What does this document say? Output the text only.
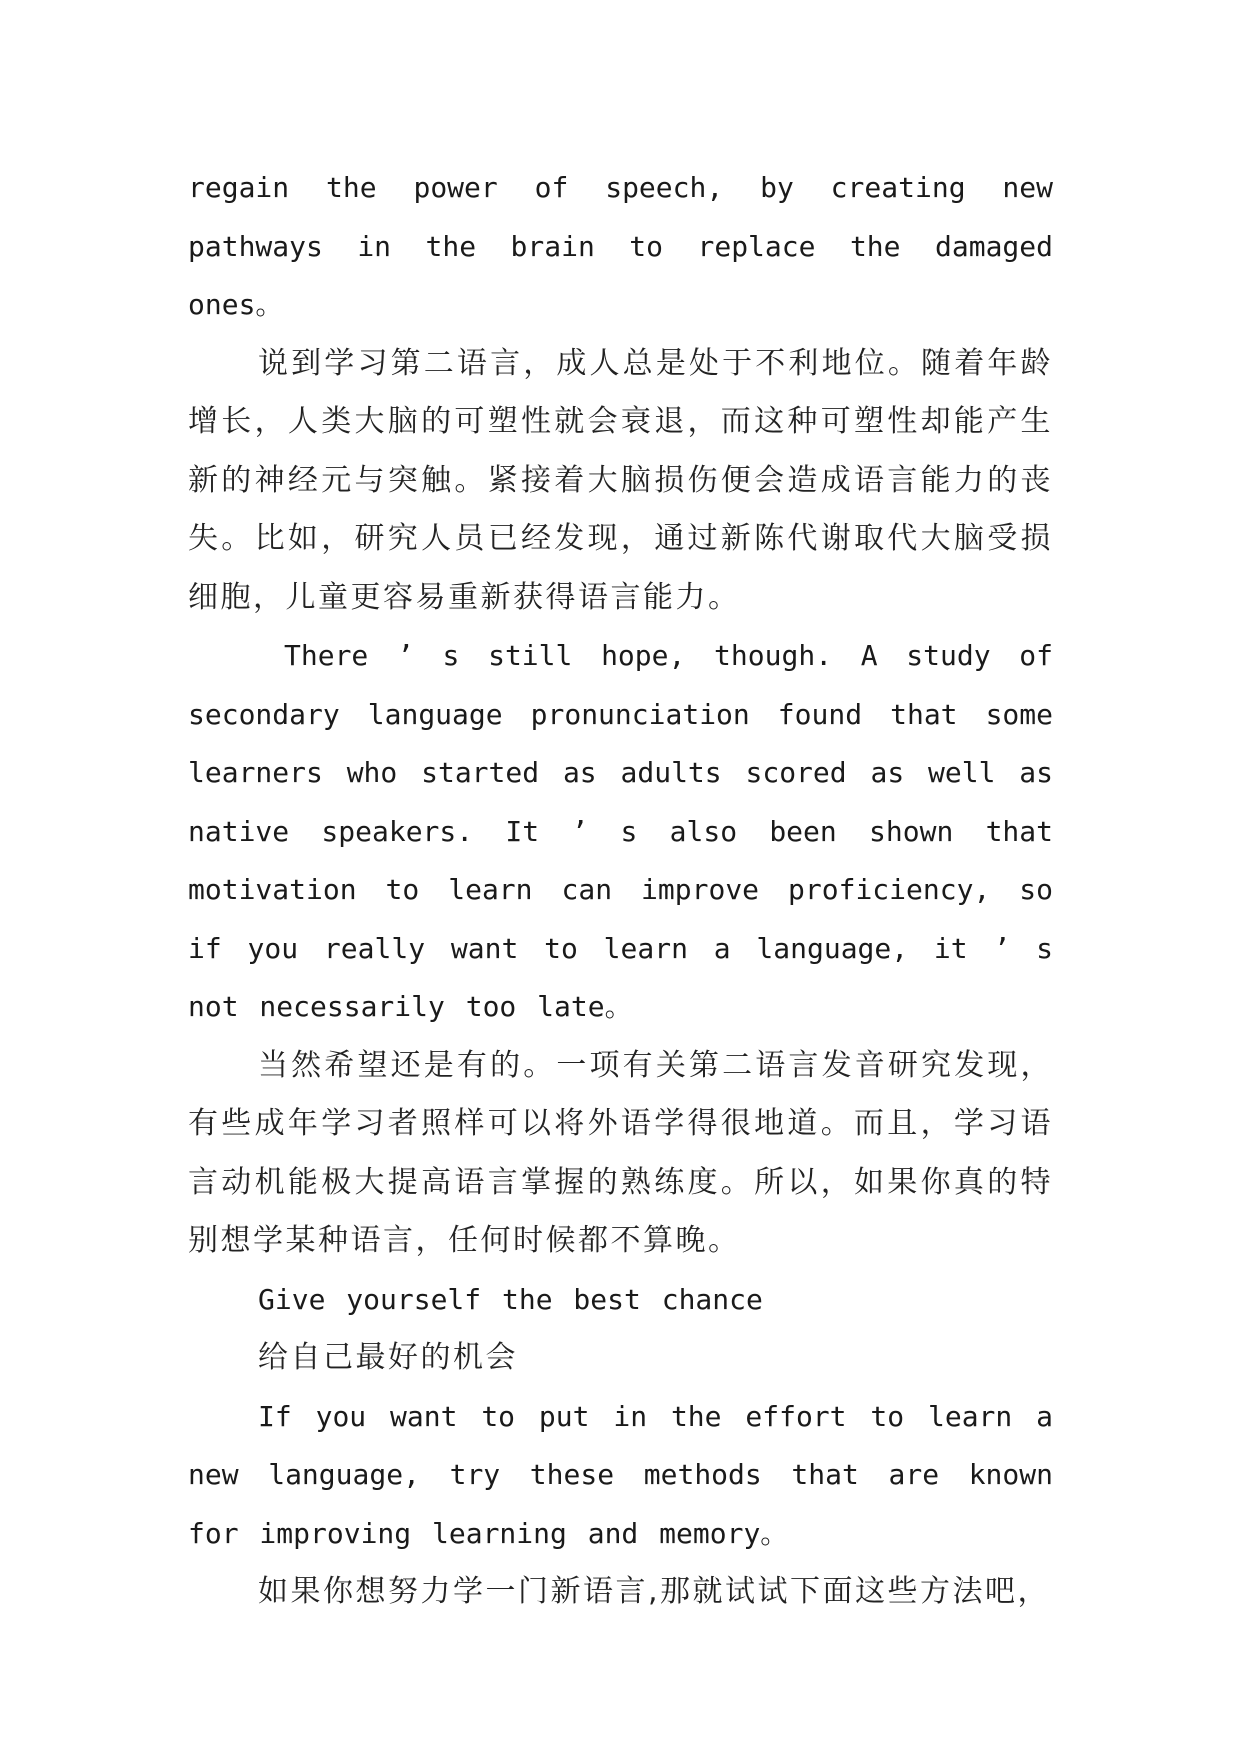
regain the power of speech, by creating new pathways in the brain to replace the damaged ones。

说到学习第二语言，成人总是处于不利地位。随着年龄增长，人类大脑的可塑性就会衰退，而这种可塑性却能产生新的神经元与突触。紧接着大脑损伤便会造成语言能力的丧失。比如，研究人员已经发现，通过新陈代谢取代大脑受损细胞，儿童更容易重新获得语言能力。

There ’ s still hope, though. A study of secondary language pronunciation found that some learners who started as adults scored as well as native speakers. It ’ s also been shown that motivation to learn can improve proficiency, so if you really want to learn a language, it ’ s not necessarily too late。

当然希望还是有的。一项有关第二语言发音研究发现，有些成年学习者照样可以将外语学得很地道。而且，学习语言动机能极大提高语言掌握的熟练度。所以，如果你真的特别想学某种语言，任何时候都不算晚。

Give yourself the best chance

给自己最好的机会

If you want to put in the effort to learn a new language, try these methods that are known for improving learning and memory。

如果你想努力学一门新语言,那就试试下面这些方法吧，
